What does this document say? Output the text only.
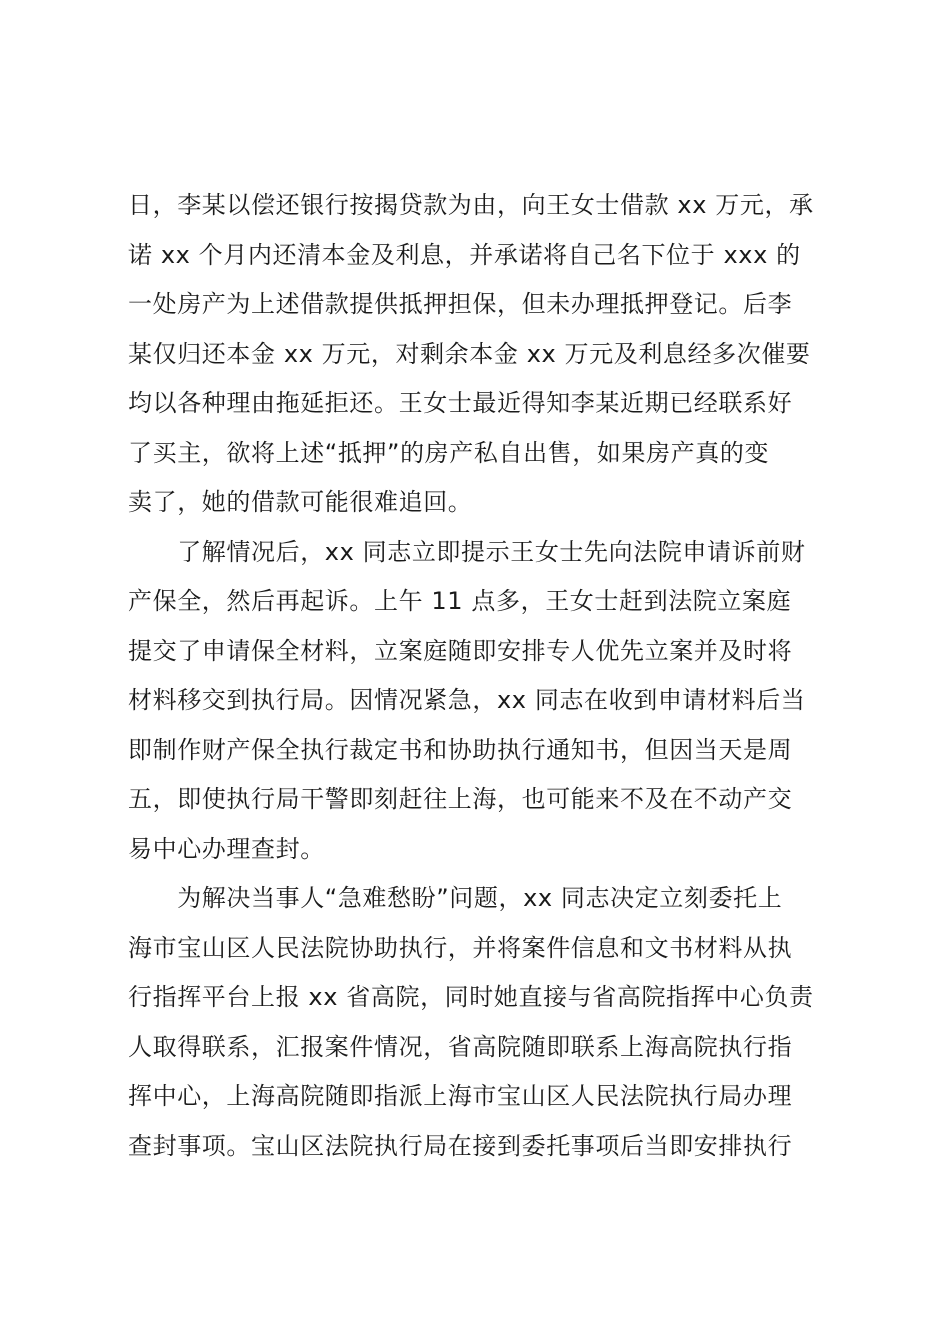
日，李某以偿还银行按揭贷款为由，向王女士借款 xx 万元，承
诺 xx 个月内还清本金及利息，并承诺将自己名下位于 xxx 的
一处房产为上述借款提供抵押担保，但未办理抵押登记。后李
某仅归还本金 xx 万元，对剩余本金 xx 万元及利息经多次催要
均以各种理由拖延拒还。王女士最近得知李某近期已经联系好
了买主，欲将上述“抵押”的房产私自出售，如果房产真的变
卖了，她的借款可能很难追回。
　　了解情况后，xx 同志立即提示王女士先向法院申请诉前财
产保全，然后再起诉。上午 11 点多，王女士赶到法院立案庭
提交了申请保全材料，立案庭随即安排专人优先立案并及时将
材料移交到执行局。因情况紧急，xx 同志在收到申请材料后当
即制作财产保全执行裁定书和协助执行通知书，但因当天是周
五，即使执行局干警即刻赶往上海，也可能来不及在不动产交
易中心办理查封。
　　为解决当事人“急难愁盼”问题，xx 同志决定立刻委托上
海市宝山区人民法院协助执行，并将案件信息和文书材料从执
行指挥平台上报 xx 省高院，同时她直接与省高院指挥中心负责
人取得联系，汇报案件情况，省高院随即联系上海高院执行指
挥中心，上海高院随即指派上海市宝山区人民法院执行局办理
查封事项。宝山区法院执行局在接到委托事项后当即安排执行
